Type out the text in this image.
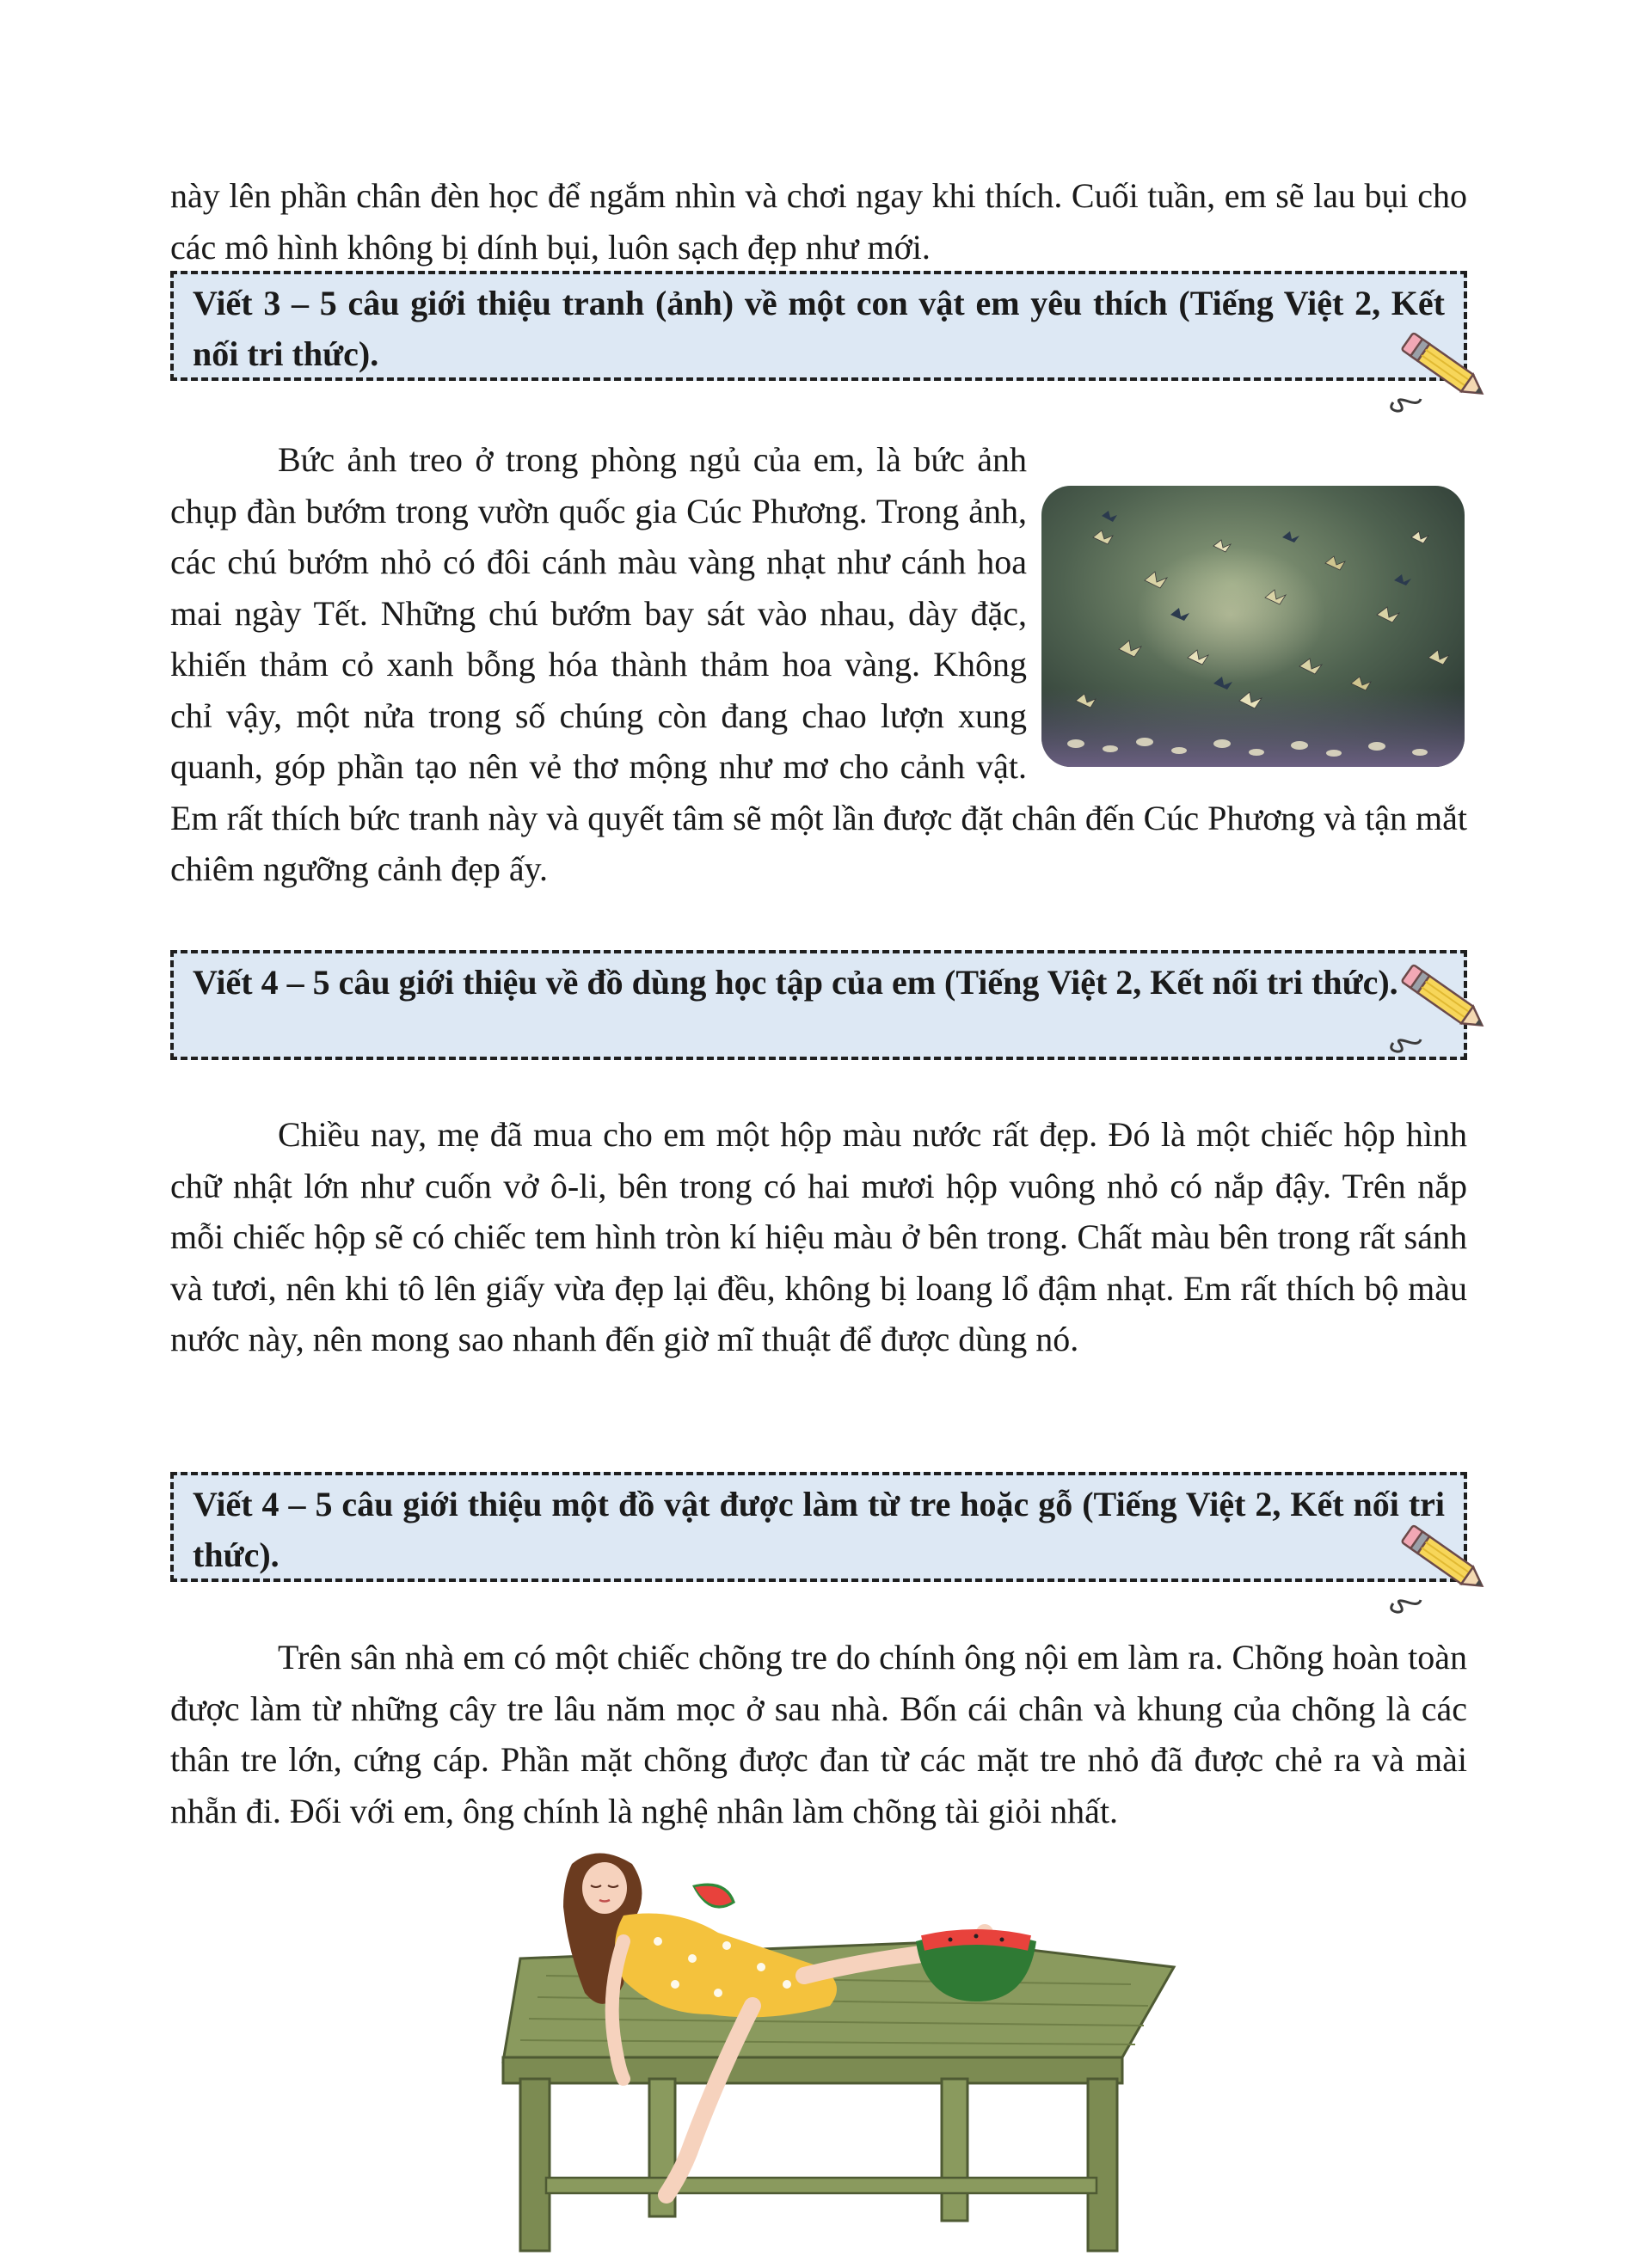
này lên phần chân đèn học để ngắm nhìn và chơi ngay khi thích. Cuối tuần, em sẽ lau bụi cho các mô hình không bị dính bụi, luôn sạch đẹp như mới.

Viết 3 – 5 câu giới thiệu tranh (ảnh) về một con vật em yêu thích (Tiếng Việt 2, Kết nối tri thức).

Bức ảnh treo ở trong phòng ngủ của em, là bức ảnh chụp đàn bướm trong vườn quốc gia Cúc Phương. Trong ảnh, các chú bướm nhỏ có đôi cánh màu vàng nhạt như cánh hoa mai ngày Tết. Những chú bướm bay sát vào nhau, dày đặc, khiến thảm cỏ xanh bỗng hóa thành thảm hoa vàng. Không chỉ vậy, một nửa trong số chúng còn đang chao lượn xung quanh, góp phần tạo nên vẻ thơ mộng như mơ cho cảnh vật. Em rất thích bức tranh này và quyết tâm sẽ một lần được đặt chân đến Cúc Phương và tận mắt chiêm ngưỡng cảnh đẹp ấy.

Viết 4 – 5 câu giới thiệu về đồ dùng học tập của em (Tiếng Việt 2, Kết nối tri thức).

Chiều nay, mẹ đã mua cho em một hộp màu nước rất đẹp. Đó là một chiếc hộp hình chữ nhật lớn như cuốn vở ô-li, bên trong có hai mươi hộp vuông nhỏ có nắp đậy. Trên nắp mỗi chiếc hộp sẽ có chiếc tem hình tròn kí hiệu màu ở bên trong. Chất màu bên trong rất sánh và tươi, nên khi tô lên giấy vừa đẹp lại đều, không bị loang lổ đậm nhạt. Em rất thích bộ màu nước này, nên mong sao nhanh đến giờ mĩ thuật để được dùng nó.

Viết 4 – 5 câu giới thiệu một đồ vật được làm từ tre hoặc gỗ (Tiếng Việt 2, Kết nối tri thức).

Trên sân nhà em có một chiếc chõng tre do chính ông nội em làm ra. Chõng hoàn toàn được làm từ những cây tre lâu năm mọc ở sau nhà. Bốn cái chân và khung của chõng là các thân tre lớn, cứng cáp. Phần mặt chõng được đan từ các mặt tre nhỏ đã được chẻ ra và mài nhẵn đi. Đối với em, ông chính là nghệ nhân làm chõng tài giỏi nhất.
